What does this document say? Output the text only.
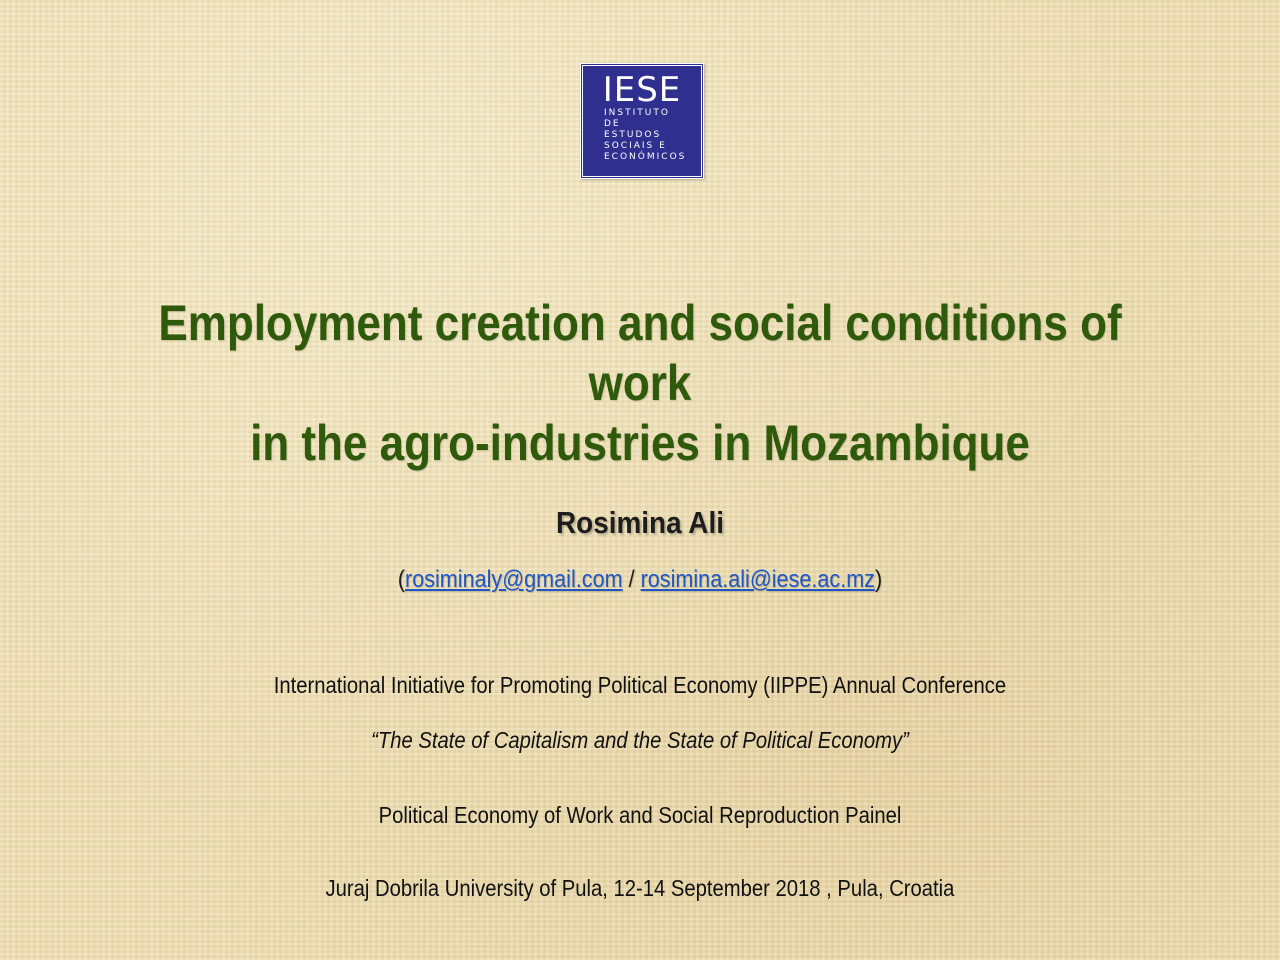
IESE
INSTITUTO DE
ESTUDOS
SOCIAIS E
ECONÓMICOS
Employment creation and social conditions of work
in the agro-industries in Mozambique
Rosimina Ali
(rosiminaly@gmail.com / rosimina.ali@iese.ac.mz)
International Initiative for Promoting Political Economy (IIPPE) Annual Conference
“The State of Capitalism and the State of Political Economy”
Political Economy of Work and Social Reproduction Painel
Juraj Dobrila University of Pula, 12-14 September 2018 , Pula, Croatia
